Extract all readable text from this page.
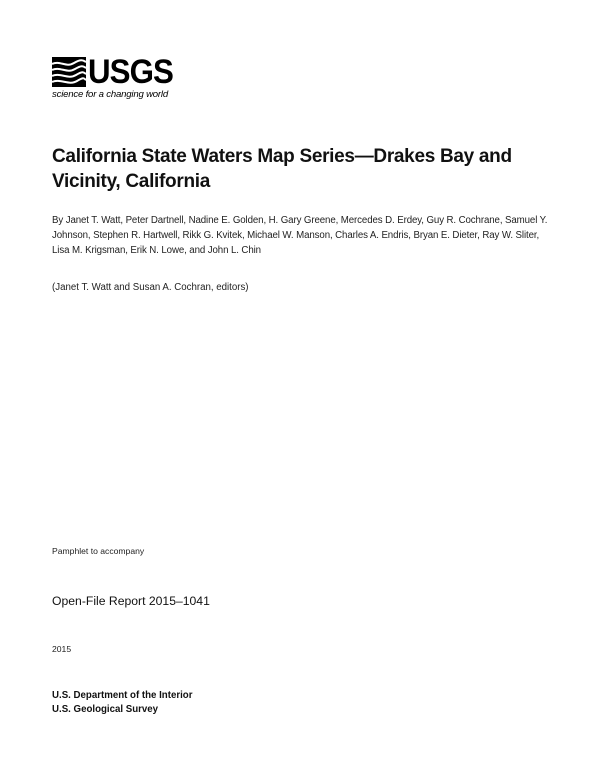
USGS
science for a changing world
California State Waters Map Series—Drakes Bay and Vicinity, California

By Janet T. Watt, Peter Dartnell, Nadine E. Golden, H. Gary Greene, Mercedes D. Erdey, Guy R. Cochrane, Samuel Y. Johnson, Stephen R. Hartwell, Rikk G. Kvitek, Michael W. Manson, Charles A. Endris, Bryan E. Dieter, Ray W. Sliter, Lisa M. Krigsman, Erik N. Lowe, and John L. Chin

(Janet T. Watt and Susan A. Cochran, editors)

Pamphlet to accompany

Open-File Report 2015–1041

2015

U.S. Department of the Interior
U.S. Geological Survey
